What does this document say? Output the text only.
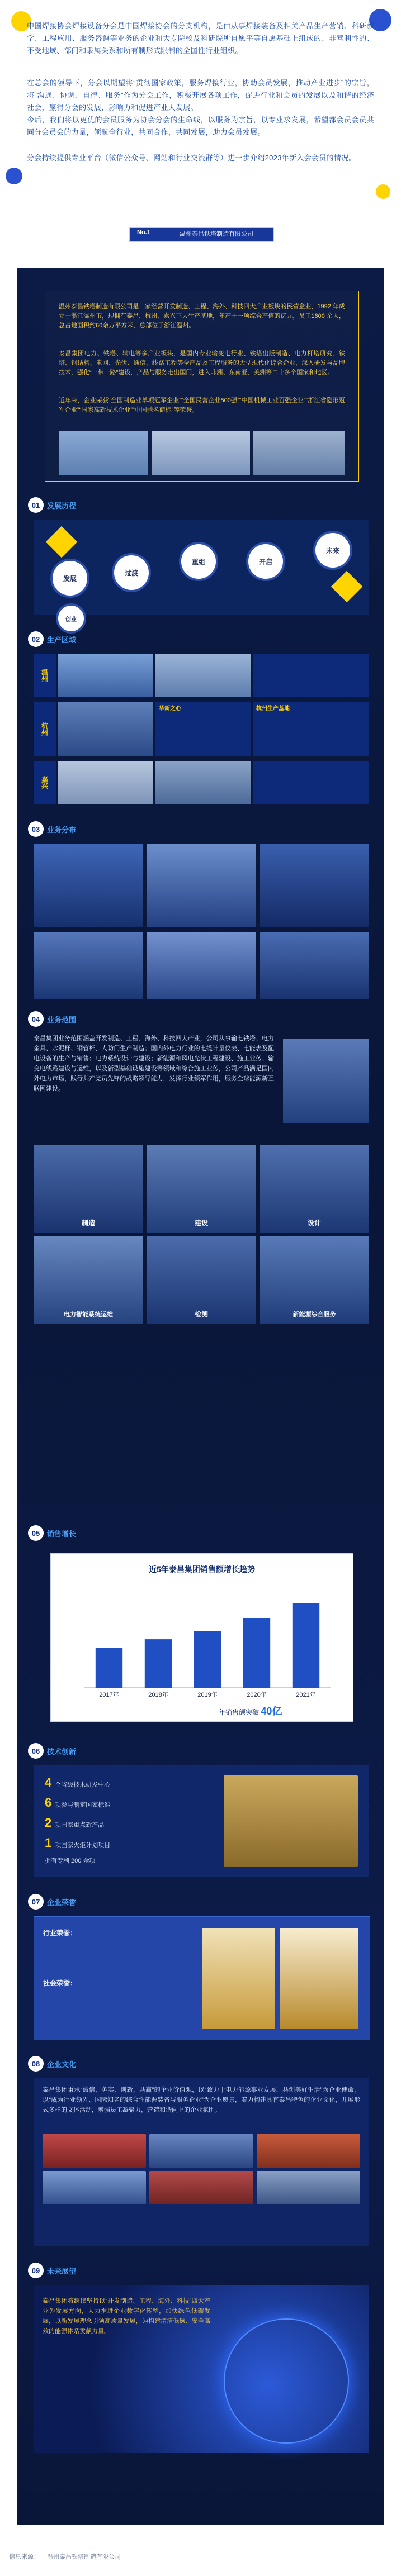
中国焊接协会焊接设备分会是中国焊接协会的分支机构，是由从事焊接装备及相关产品生产营销、科研教学、工程应用、服务咨询等业务的企业和大专院校及科研院所自愿平等自愿基础上组成的、非营利性的、不受地域、部门和隶属关系和所有制形式限制的全国性行业组织。

在总会的领导下，分会以期望将“贯彻国家政策，服务焊接行业，协助会员发展，推动产业进步”的宗旨，将“沟通、协调、自律、服务”作为分会工作，积极开展各项工作，促进行业和会员的发展以及和谐的经济社会，赢得分会的发展，影响力和促进产业大发展。

今后，我们将以更优的会员服务为协会分会的生命线，以服务为宗旨，以专业求发展，希望都会员会员共同分会员会的力量，领航全行业，共同合作，共同发展，助力会员发展。

分会持续提供专业平台（微信公众号、网站和行业交流群等）进一步介绍2023年新入会会员的情况。

No.1	温州泰昌铁塔制造有限公司

温州泰昌铁塔制造有限公司是一家经营开发制造、工程、海外、科技四大产业板块的民营企业，1992 年成立于浙江温州市，现拥有泰昌、杭州、嘉兴三大生产基地，年产十一项综合产值的亿元，员工1600 余人，总占地面积约60余万平方米，总部位于浙江温州。

泰昌集团电力、铁塔、输电等多产业板块，是国内专业输变电行业、铁塔出版制造、电力杆塔研究、铁塔、钢结构、电网、光伏、通信、线路工程等全产品及工程服务的大型现代化综合企业，深入研发与品牌技术，强化“一带一路”建设，产品与服务走出国门，进入非洲、东南亚、美洲等二十多个国家和地区。

近年来，企业荣获“全国制造业单项冠军企业”“全国民营企业500强”“中国机械工业百强企业”“浙江省隐形冠军企业”“国家高新技术企业”“中国驰名商标”等荣誉。

01 发展历程
发展
过渡
重组	开启
未来
创业
02 生产区域
温州
杭州
华新之心	杭州生产基地
嘉兴
03 业务分布
04 业务范围

泰昌集团业务范围涵盖开发制造、工程、海外、科技四大产业，公司从事输电铁塔、电力金具、水泥杆、钢管杆、人防门生产制造；国内外电力行业的电缆计量仪表、电能表及配电设备的生产与销售；电力系统设计与建设；新能源和风电光伏工程建设、施工业务、输变电线路建设与运维，以及新型基础设施建设等领域和综合施工业务，公司产品满足国内外电力市场，践行共产党员先锋的战略领导能力，发挥行业领军作用，服务全球能源新互联网建设。

制造	建设	设计
电力智能系统运维	检测	新能源综合服务
05 销售增长
近5年泰昌集团销售额增长趋势
2017年	2018年	2019年	2020年	2021年
年销售额突破 40亿
06 技术创新
4 个省级技术研发中心
6 项参与制定国家标准
2 项国家重点新产品
1 项国家火炬计划项目
拥有专利 200 余项
07 企业荣誉
行业荣誉：
社会荣誉：
08 企业文化

泰昌集团秉承“诚信、务实、创新、共赢”的企业价值观，以“致力于电力能源事业发展，共创美好生活”为企业使命，以“成为行业领先、国际知名的综合性能源装备与服务企业”为企业愿景，着力构建具有泰昌特色的企业文化，开展形式多样的文体活动，增强员工凝聚力，营造和谐向上的企业氛围。

09 未来展望

泰昌集团将继续坚持以“开发制造、工程、海外、科技”四大产业为发展方向，大力推进企业数字化转型，加快绿色低碳发展，以新发展理念引领高质量发展，为构建清洁低碳、安全高效的能源体系贡献力量。

信息来源： 温州泰昌铁塔制造有限公司
